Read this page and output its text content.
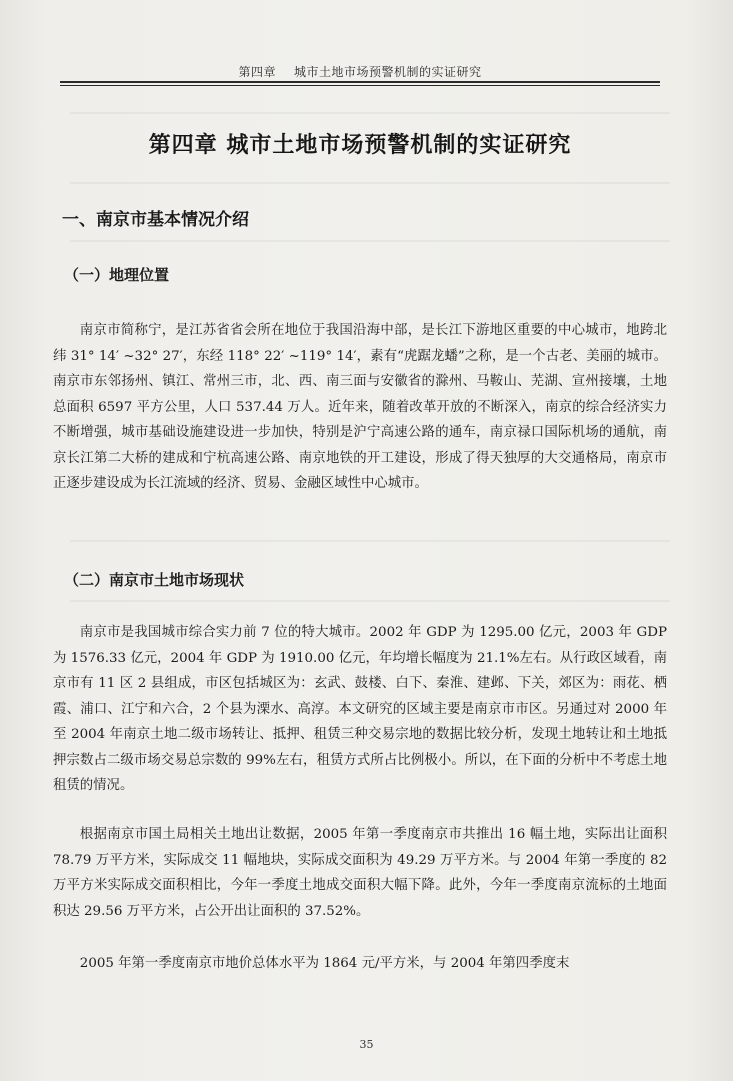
第四章 城市土地市场预警机制的实证研究
第四章 城市土地市场预警机制的实证研究
一、南京市基本情况介绍
（一）地理位置

南京市简称宁，是江苏省省会所在地位于我国沿海中部，是长江下游地区重要的中心城市，地跨北纬 31° 14′ ~32° 27′，东经 118° 22′ ~119° 14′，素有“虎踞龙蟠”之称，是一个古老、美丽的城市。南京市东邻扬州、镇江、常州三市，北、西、南三面与安徽省的滁州、马鞍山、芜湖、宣州接壤，土地总面积 6597 平方公里，人口 537.44 万人。近年来，随着改革开放的不断深入，南京的综合经济实力不断增强，城市基础设施建设进一步加快，特别是沪宁高速公路的通车，南京禄口国际机场的通航，南京长江第二大桥的建成和宁杭高速公路、南京地铁的开工建设，形成了得天独厚的大交通格局，南京市正逐步建设成为长江流域的经济、贸易、金融区域性中心城市。

（二）南京市土地市场现状

南京市是我国城市综合实力前 7 位的特大城市。2002 年 GDP 为 1295.00 亿元，2003 年 GDP 为 1576.33 亿元，2004 年 GDP 为 1910.00 亿元，年均增长幅度为 21.1%左右。从行政区域看，南京市有 11 区 2 县组成，市区包括城区为：玄武、鼓楼、白下、秦淮、建邺、下关，郊区为：雨花、栖霞、浦口、江宁和六合，2 个县为溧水、高淳。本文研究的区域主要是南京市市区。另通过对 2000 年至 2004 年南京土地二级市场转让、抵押、租赁三种交易宗地的数据比较分析，发现土地转让和土地抵押宗数占二级市场交易总宗数的 99%左右，租赁方式所占比例极小。所以，在下面的分析中不考虑土地租赁的情况。

根据南京市国土局相关土地出让数据，2005 年第一季度南京市共推出 16 幅土地，实际出让面积 78.79 万平方米，实际成交 11 幅地块，实际成交面积为 49.29 万平方米。与 2004 年第一季度的 82 万平方米实际成交面积相比，今年一季度土地成交面积大幅下降。此外，今年一季度南京流标的土地面积达 29.56 万平方米，占公开出让面积的 37.52%。

2005 年第一季度南京市地价总体水平为 1864 元/平方米，与 2004 年第四季度末

35
